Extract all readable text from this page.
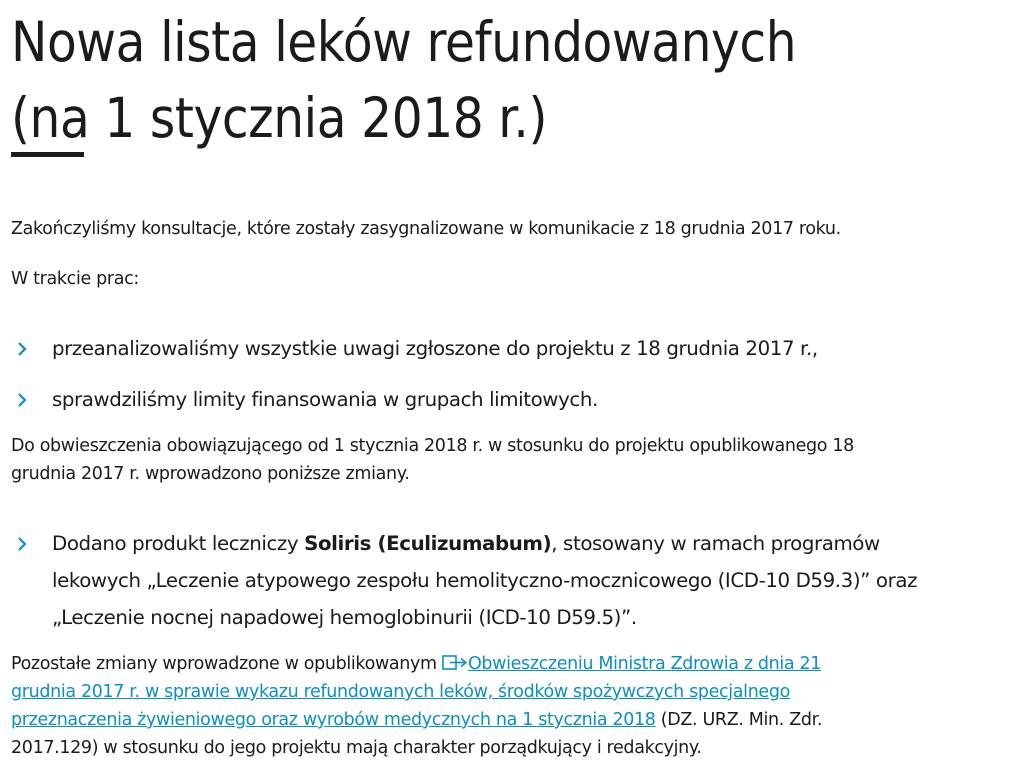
Nowa lista leków refundowanych
(na 1 stycznia 2018 r.)

Zakończyliśmy konsultacje, które zostały zasygnalizowane w komunikacie z 18 grudnia 2017 roku.

W trakcie prac:

przeanalizowaliśmy wszystkie uwagi zgłoszone do projektu z 18 grudnia 2017 r.,
sprawdziliśmy limity finansowania w grupach limitowych.

Do obwieszczenia obowiązującego od 1 stycznia 2018 r. w stosunku do projektu opublikowanego 18
grudnia 2017 r. wprowadzono poniższe zmiany.

Dodano produkt leczniczy Soliris (Eculizumabum), stosowany w ramach programów
lekowych „Leczenie atypowego zespołu hemolityczno-mocznicowego (ICD-10 D59.3)” oraz
„Leczenie nocnej napadowej hemoglobinurii (ICD-10 D59.5)”.

Pozostałe zmiany wprowadzone w opublikowanym Obwieszczeniu Ministra Zdrowia z dnia 21
grudnia 2017 r. w sprawie wykazu refundowanych leków, środków spożywczych specjalnego
przeznaczenia żywieniowego oraz wyrobów medycznych na 1 stycznia 2018 (DZ. URZ. Min. Zdr.
2017.129) w stosunku do jego projektu mają charakter porządkujący i redakcyjny.
